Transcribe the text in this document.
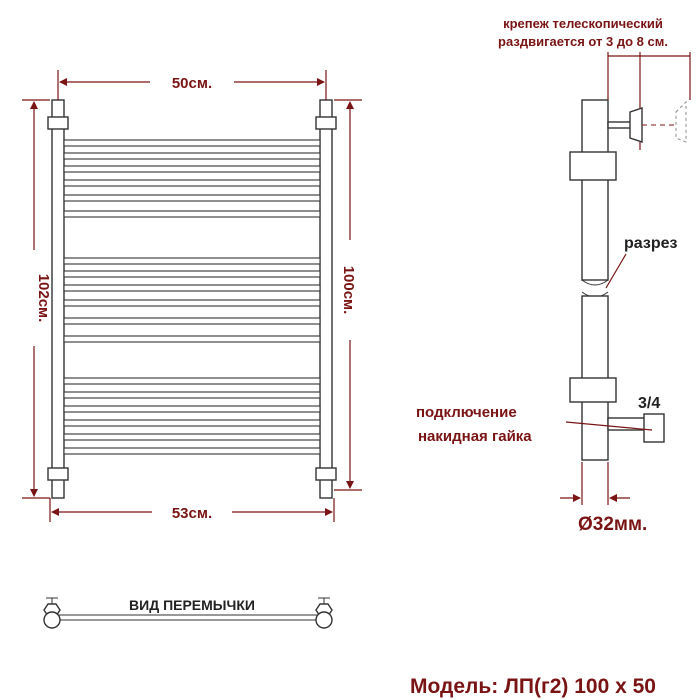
50см.
53см.
102см.	100см.
ВИД ПЕРЕМЫЧКИ
крепеж телескопический
раздвигается от 3 до 8 см.
разрез
3/4
подключение
накидная гайка
Ø32мм.
Модель: ЛП(г2) 100 х 50
